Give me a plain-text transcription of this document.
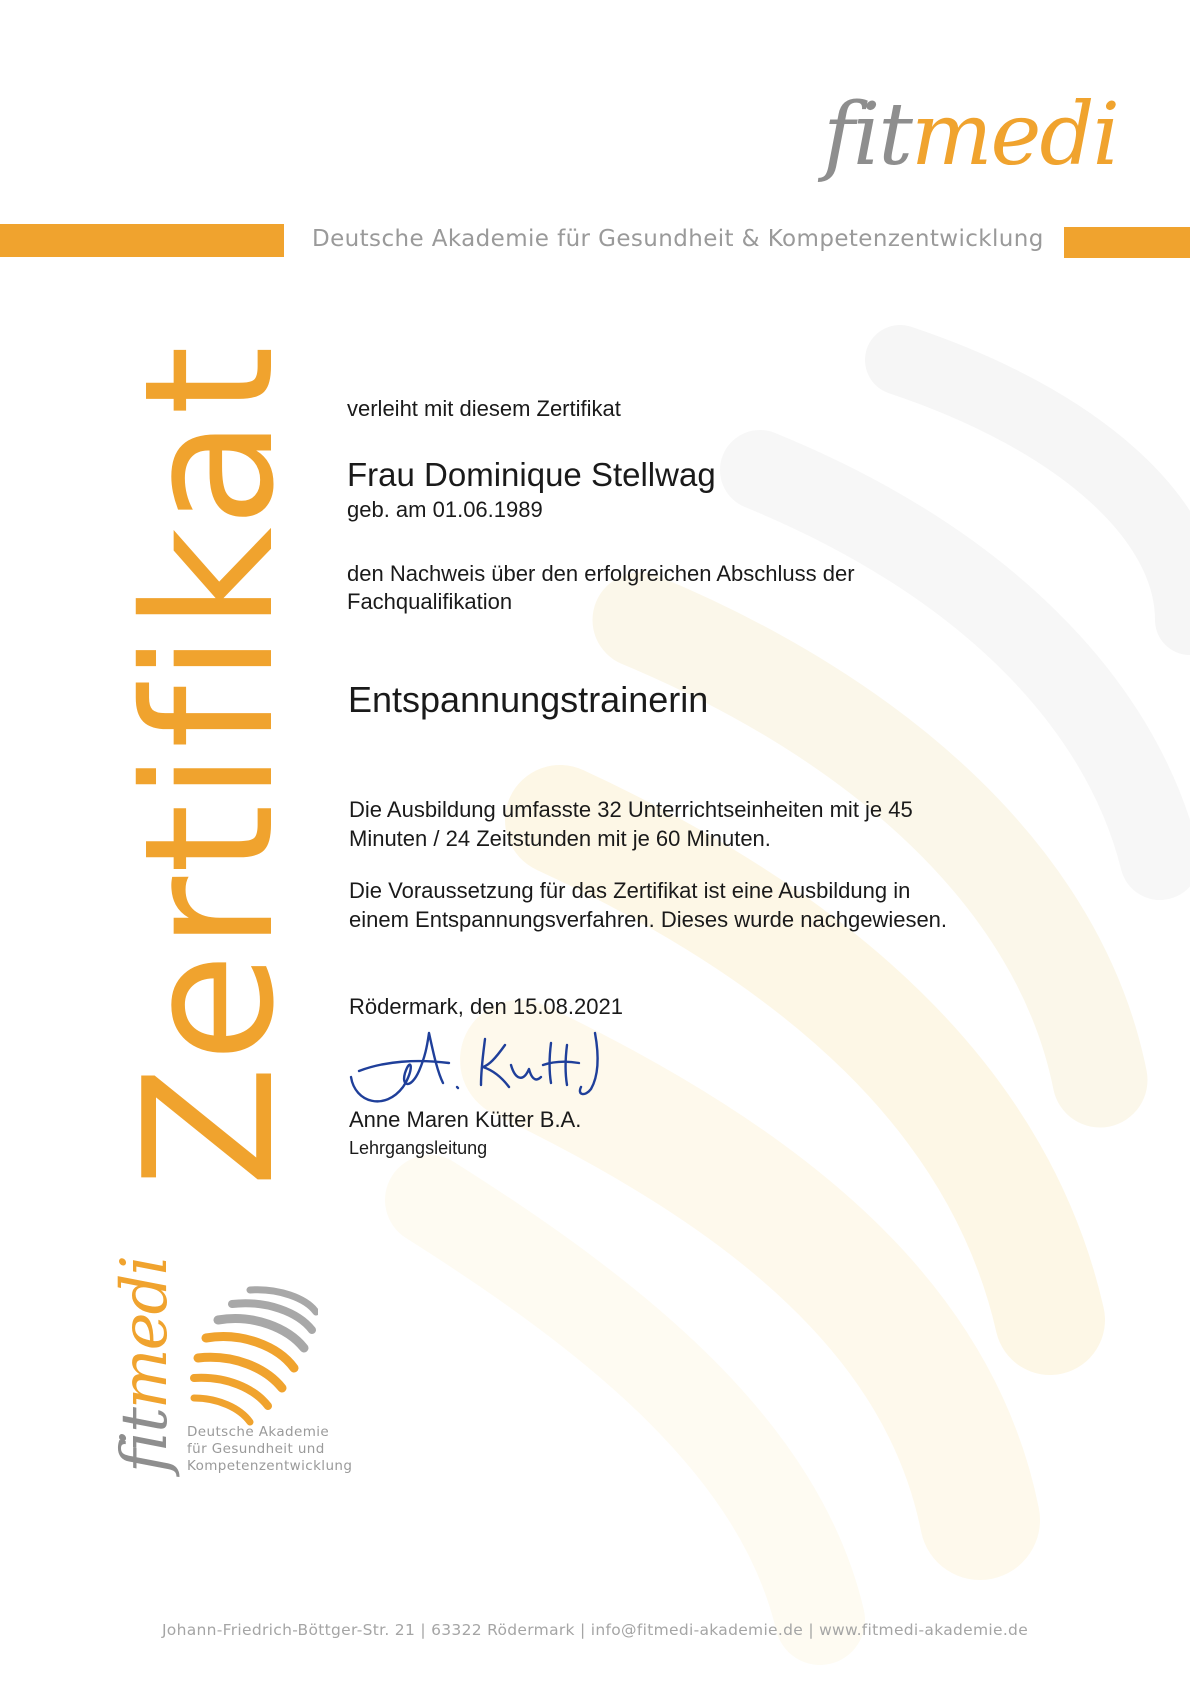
fitmedi
Deutsche Akademie für Gesundheit & Kompetenzentwicklung
Zertifikat verleiht mit diesem Zertifikat
Frau Dominique Stellwag
geb. am 01.06.1989
den Nachweis über den erfolgreichen Abschluss der
Fachqualifikation
Entspannungstrainerin
Die Ausbildung umfasste 32 Unterrichtseinheiten mit je 45
Minuten / 24 Zeitstunden mit je 60 Minuten.
Die Voraussetzung für das Zertifikat ist eine Ausbildung in
einem Entspannungsverfahren. Dieses wurde nachgewiesen.
Rödermark, den 15.08.2021
Anne Maren Kütter B.A.
Lehrgangsleitung
fitmedi
Deutsche Akademie
für Gesundheit und
Kompetenzentwicklung
Johann-Friedrich-Böttger-Str. 21 | 63322 Rödermark | info@fitmedi-akademie.de | www.fitmedi-akademie.de
